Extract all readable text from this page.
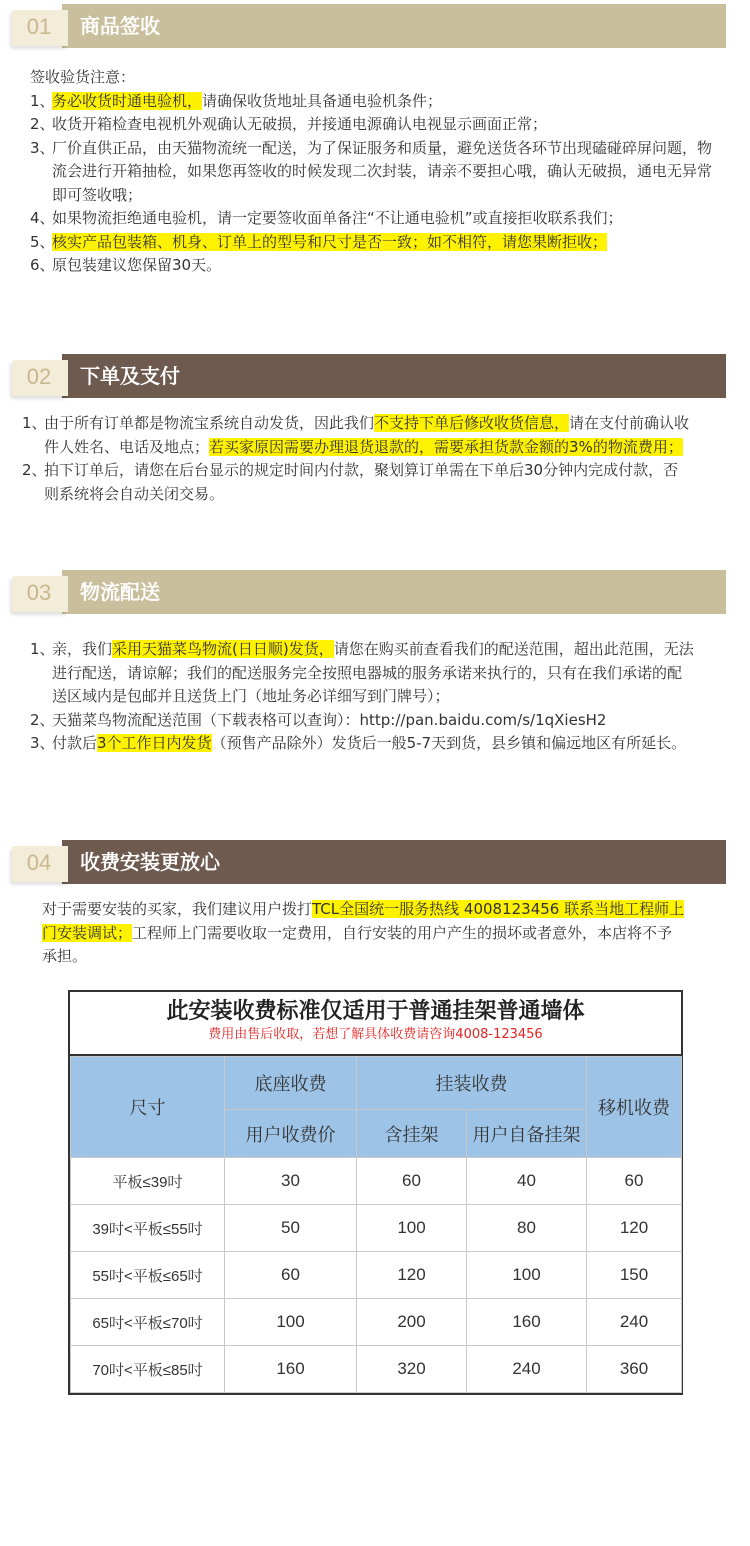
01	商品签收

签收验货注意：

1、
务必收货时通电验机，请确保收货地址具备通电验机条件；
2、
收货开箱检查电视机外观确认无破损，并接通电源确认电视显示画面正常；
3、
厂价直供正品，由天猫物流统一配送，为了保证服务和质量，避免送货各环节出现磕碰碎屏问题，物流会进行开箱抽检，如果您再签收的时候发现二次封装，请亲不要担心哦，确认无破损，通电无异常即可签收哦；
4、
如果物流拒绝通电验机，请一定要签收面单备注“不让通电验机”或直接拒收联系我们；
5、
核实产品包装箱、机身、订单上的型号和尺寸是否一致；如不相符，请您果断拒收；
6、
原包装建议您保留30天。
02	下单及支付
1、
由于所有订单都是物流宝系统自动发货，因此我们不支持下单后修改收货信息，请在支付前确认收件人姓名、电话及地点；若买家原因需要办理退货退款的，需要承担货款金额的3%的物流费用；
2、
拍下订单后，请您在后台显示的规定时间内付款，聚划算订单需在下单后30分钟内完成付款，否则系统将会自动关闭交易。
03	物流配送
1、
亲，我们采用天猫菜鸟物流(日日顺)发货，请您在购买前查看我们的配送范围，超出此范围，无法进行配送，请谅解；我们的配送服务完全按照电器城的服务承诺来执行的，只有在我们承诺的配送区域内是包邮并且送货上门（地址务必详细写到门牌号）；
2、
天猫菜鸟物流配送范围（下载表格可以查询）：http://pan.baidu.com/s/1qXiesH2
3、
付款后3个工作日内发货（预售产品除外）发货后一般5-7天到货，县乡镇和偏远地区有所延长。
04	收费安装更放心

对于需要安装的买家，我们建议用户拨打TCL全国统一服务热线 4008123456 联系当地工程师上门安装调试；工程师上门需要收取一定费用，自行安装的用户产生的损坏或者意外，本店将不予承担。

此安装收费标准仅适用于普通挂架普通墙体
费用由售后收取，若想了解具体收费请咨询4008-123456
尺寸	底座收费	挂装收费		移机收费
	用户收费价	含挂架	用户自备挂架	
平板≤39吋	30	60	40	60
39吋<平板≤55吋	50	100	80	120
55吋<平板≤65吋	60	120	100	150
65吋<平板≤70吋	100	200	160	240
70吋<平板≤85吋	160	320	240	360
